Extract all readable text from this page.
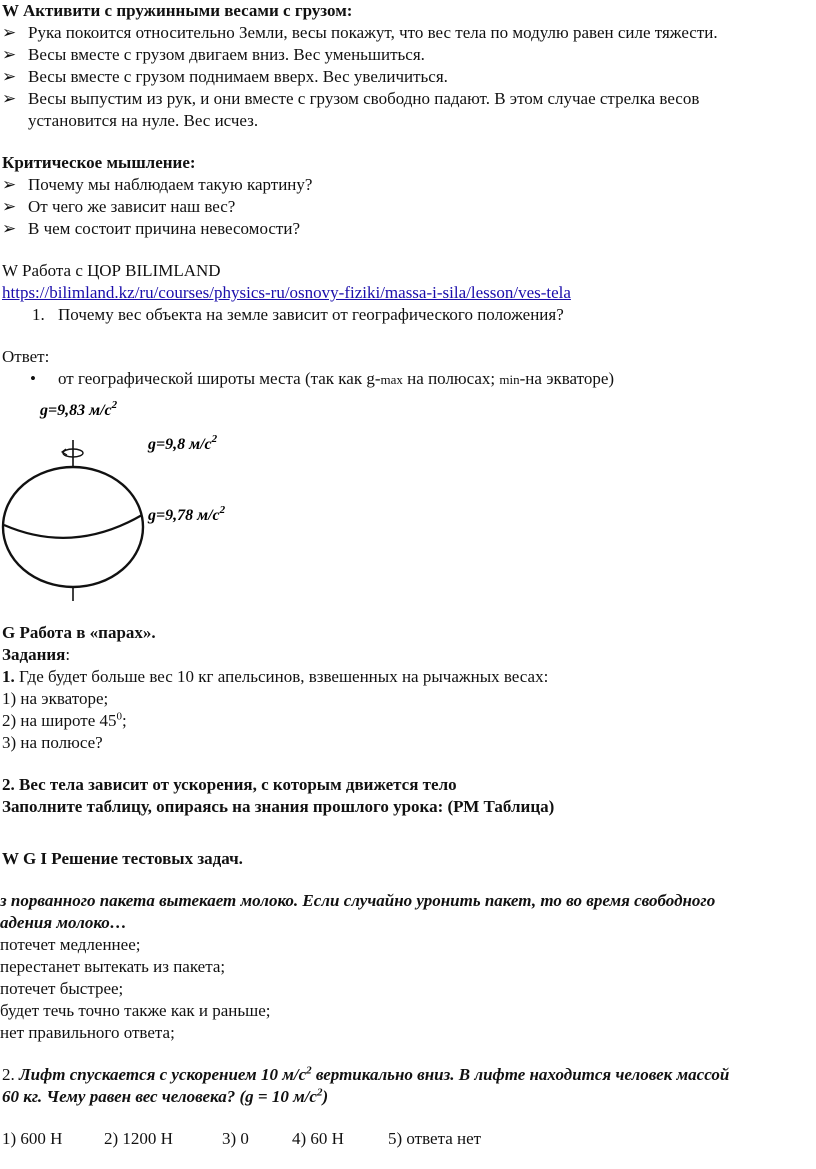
W Активити с пружинными весами с грузом:
➢ Рука покоится относительно Земли, весы покажут, что вес тела по модулю равен силе тяжести.
➢ Весы вместе с грузом двигаем вниз. Вес уменьшиться.
➢ Весы вместе с грузом поднимаем вверх. Вес увеличиться.
➢ Весы выпустим из рук, и они вместе с грузом свободно падают. В этом случае стрелка весов
установится на нуле. Вес исчез.
Критическое мышление:
➢ Почему мы наблюдаем такую картину?
➢ От чего же зависит наш вес?
➢ В чем состоит причина невесомости?
W Работа с ЦОР BILIMLAND
https://bilimland.kz/ru/courses/physics-ru/osnovy-fiziki/massa-i-sila/lesson/ves-tela
1. Почему вес объекта на земле зависит от географического положения?
Ответ:
• от географической широты места (так как g-max на полюсах; min-на экваторе)
g=9,83 $м/с^2$
g=9,8 $м/с^2$
g=9,78 $м/с^2$
G Работа в «парах».
Задания:
1. Где будет больше вес 10 кг апельсинов, взвешенных на рычажных весах:
1) на экваторе;
2) на широте $45^0$;
3) на полюсе?
2. Вес тела зависит от ускорения, с которым движется тело
Заполните таблицу, опираясь на знания прошлого урока: (РМ Таблица)
W G I Решение тестовых задач.
з порванного пакета вытекает молоко. Если случайно уронить пакет, то во время свободного
адения молоко…
потечет медленнее;
перестанет вытекать из пакета;
потечет быстрее;
будет течь точно также как и раньше;
нет правильного ответа;
2. Лифт спускается с ускорением 10 $м/с^2$ вертикально вниз. В лифте находится человек массой
60 кг. Чему равен вес человека? (g = 10 $м/с^2$)
1) 600 Н 2) 1200 Н	3) 0	4) 60 Н	5) ответа нет
